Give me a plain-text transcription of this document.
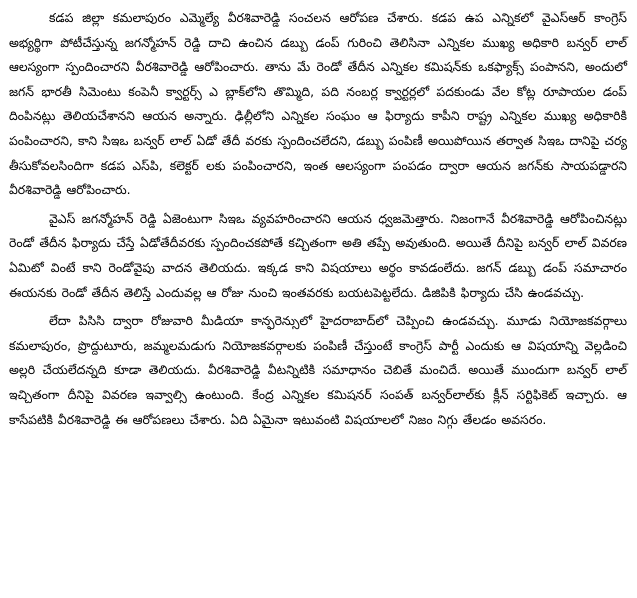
కడప జిల్లా కమలాపురం ఎమ్మెల్యే వీరశివారెడ్డి సంచలన ఆరోపణ చేశారు. కడప ఉప ఎన్నికలో వైఎస్ఆర్ కాంగ్రెస్ అభ్యర్థిగా పోటీచేస్తున్న జగన్మోహన్ రెడ్డి దాచి ఉంచిన డబ్బు డంప్ గురించి తెలిసినా ఎన్నికల ముఖ్య అధికారి బన్వర్ లాల్ ఆలస్యంగా స్పందించారని వీరశివారెడ్డి ఆరోపించారు. తాను మే రెండో తేదీన ఎన్నికల కమిషన్‌కు ఒకఫ్యాక్స్ పంపానని, అందులో జగన్ భారతీ సిమెంటు కంపెనీ క్వార్టర్స్ ఎ బ్లాక్‌లోని తొమ్మిది, పది నంబర్ల క్వార్టర్లలో పదకుండు వేల కోట్ల రూపాయల డంప్ దింపినట్లు తెలియచేశానని ఆయన అన్నారు. ఢిల్లీలోని ఎన్నికల సంఘం ఆ ఫిర్యాదు కాపీని రాష్ట్ర ఎన్నికల ముఖ్య అధికారికి పంపించారని, కాని సిఇఒ బన్వర్ లాల్ ఏడో తేదీ వరకు స్పందించలేదని, డబ్బు పంపిణీ అయిపోయిన తర్వాత సిఇఒ దానిపై చర్య తీసుకోవలసిందిగా కడప ఎస్‌పి, కలెక్టర్ లకు పంపించారని, ఇంత ఆలస్యంగా పంపడం ద్వారా ఆయన జగన్‌కు సాయపడ్డారని వీరశివారెడ్డి ఆరోపించారు.

వైఎస్ జగన్మోహన్ రెడ్డి ఏజెంటుగా సిఇఒ వ్యవహరించారని ఆయన ధ్వజమెత్తారు. నిజంగానే వీరశివారెడ్డి ఆరోపించినట్లు రెండో తేదీన ఫిర్యాదు చేస్తే ఏడోతేదీవరకు స్పందించకపోతే కచ్చితంగా అతి తప్పే అవుతుంది. అయితే దీనిపై బన్వర్ లాల్ వివరణ ఏమిటో వింటే కాని రెండోవైపు వాదన తెలియదు. ఇక్కడ కాని విషయాలు అర్థం కావడంలేదు. జగన్ డబ్బు డంప్ సమాచారం ఈయనకు రెండో తేదీన తెలిస్తే ఎందువల్ల ఆ రోజు నుంచి ఇంతవరకు బయటపెట్టలేదు. డిజిపికి ఫిర్యాదు చేసి ఉండవచ్చు.

లేదా పిసిసి ద్వారా రోజువారి మీడియా కాన్ఫరెన్సులో హైదరాబాద్‌లో చెప్పించి ఉండవచ్చు. మూడు నియోజకవర్గాలు కమలాపురం, ప్రొద్దుటూరు, జమ్మలమడుగు నియోజకవర్గాలకు పంపిణీ చేస్తుంటే కాంగ్రెస్ పార్టీ ఎందుకు ఆ విషయాన్ని వెల్లడించి అల్లరి చేయలేదన్నది కూడా తెలియదు. వీరశివారెడ్డి వీటన్నిటికి సమాధానం చెబితే మంచిదే. అయితే ముందుగా బన్వర్ లాల్ ఇచ్చితంగా దీనిపై వివరణ ఇవ్వాల్సి ఉంటుంది. కేంద్ర ఎన్నికల కమిషనర్ సంపత్ బన్వర్‌లాల్‌కు క్లీన్ సర్టిఫికెట్ ఇచ్చారు. ఆ కాసేపటికి వీరశివారెడ్డి ఈ ఆరోపణలు చేశారు. ఏది ఏమైనా ఇటువంటి విషయాలలో నిజం నిగ్గు తేలడం అవసరం.
